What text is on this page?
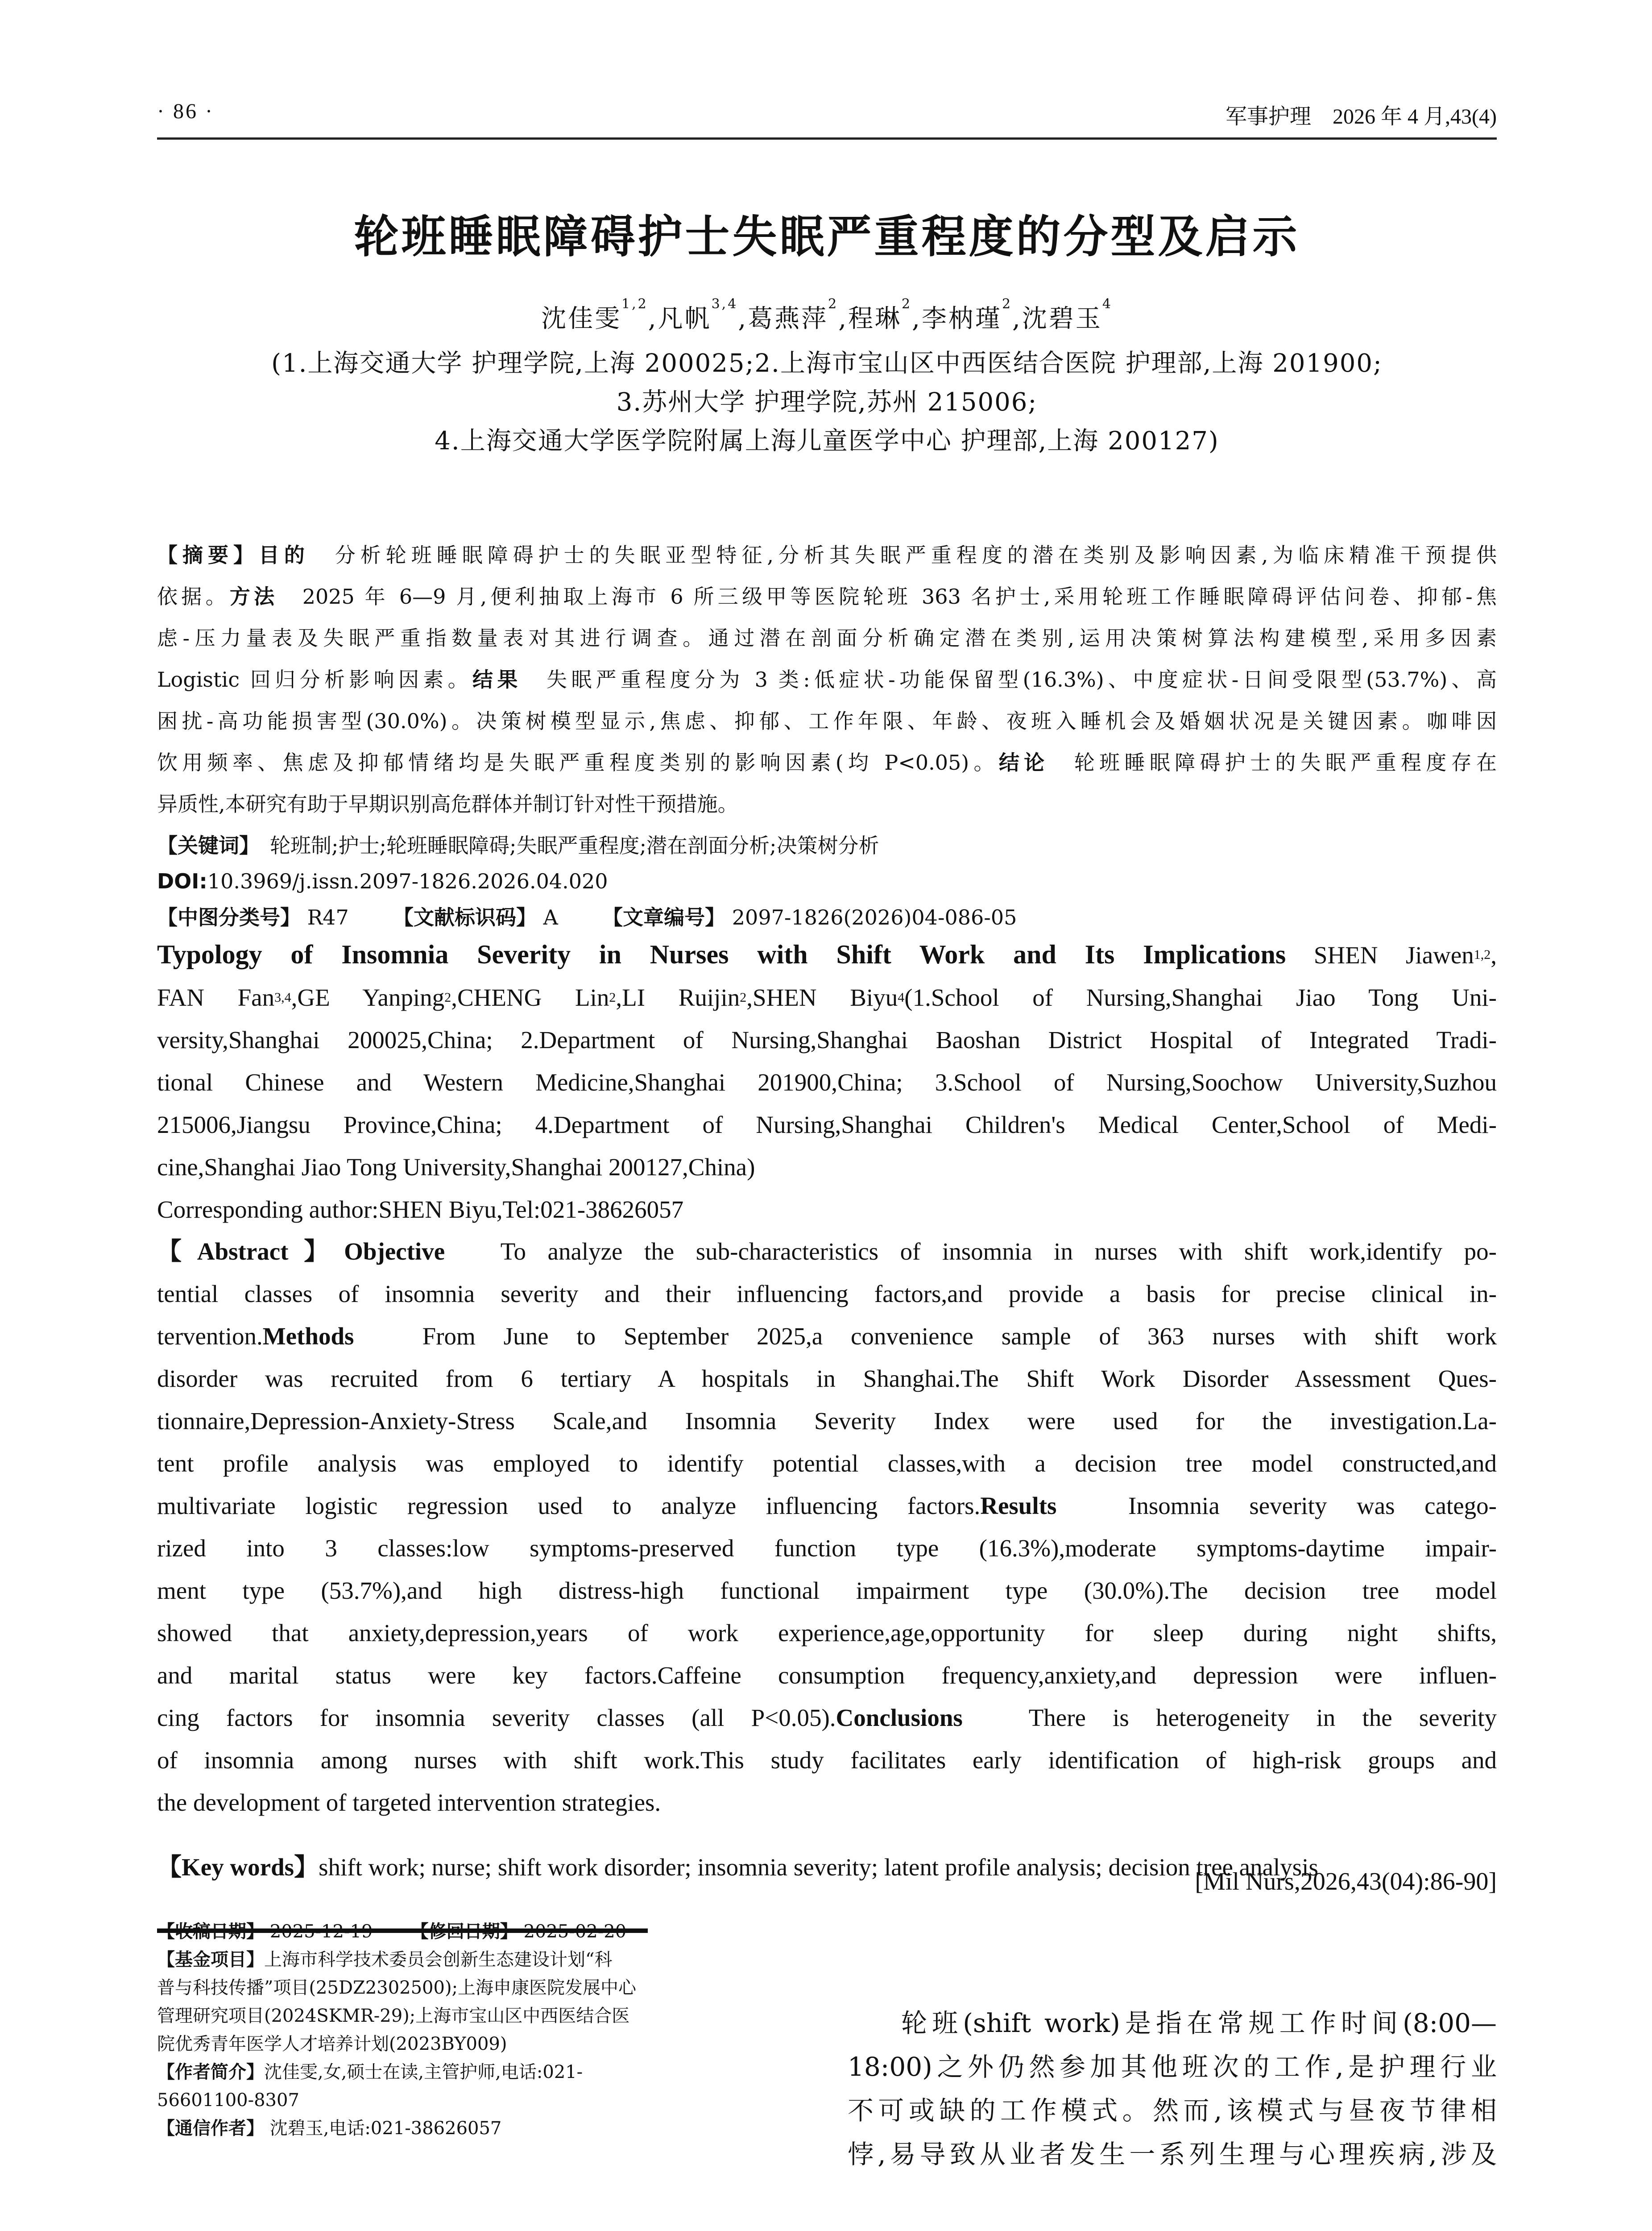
· 86 ·	军事护理　2026 年 4 月,43(4)
轮班睡眠障碍护士失眠严重程度的分型及启示
沈佳雯$^{1,2}$,凡帆$^{3,4}$,葛燕萍$^2$,程琳$^2$,李枘瑾$^2$,沈碧玉$^4$
(1.上海交通大学 护理学院,上海 200025;2.上海市宝山区中西医结合医院 护理部,上海 201900;
3.苏州大学 护理学院,苏州 215006;
4.上海交通大学医学院附属上海儿童医学中心 护理部,上海 200127)
【摘要】目的　分析轮班睡眠障碍护士的失眠亚型特征,分析其失眠严重程度的潜在类别及影响因素,为临床精准干预提供
依据。方法　2025 年 6—9 月,便利抽取上海市 6 所三级甲等医院轮班 363 名护士,采用轮班工作睡眠障碍评估问卷、抑郁-焦
虑-压力量表及失眠严重指数量表对其进行调查。通过潜在剖面分析确定潜在类别,运用决策树算法构建模型,采用多因素
Logistic 回归分析影响因素。结果　失眠严重程度分为 3 类:低症状-功能保留型(16.3%)、中度症状-日间受限型(53.7%)、高
困扰-高功能损害型(30.0%)。决策树模型显示,焦虑、抑郁、工作年限、年龄、夜班入睡机会及婚姻状况是关键因素。咖啡因
饮用频率、焦虑及抑郁情绪均是失眠严重程度类别的影响因素(均 P<0.05)。结论　轮班睡眠障碍护士的失眠严重程度存在
异质性,本研究有助于早期识别高危群体并制订针对性干预措施。
【关键词】　轮班制;护士;轮班睡眠障碍;失眠严重程度;潜在剖面分析;决策树分析
DOI:10.3969/j.issn.2097-1826.2026.04.020
【中图分类号】 R47 【文献标识码】 A 【文章编号】 2097-1826(2026)04-086-05
Typology of Insomnia Severity in Nurses with Shift Work and Its Implications SHEN Jiawen$^{1,2}$,
FAN Fan$^{3,4}$,GE Yanping$^2$,CHENG Lin$^2$,LI Ruijin$^2$,SHEN Biyu$^4$(1.School of Nursing,Shanghai Jiao Tong Uni-
versity,Shanghai 200025,China; 2.Department of Nursing,Shanghai Baoshan District Hospital of Integrated Tradi-
tional Chinese and Western Medicine,Shanghai 201900,China; 3.School of Nursing,Soochow University,Suzhou
215006,Jiangsu Province,China; 4.Department of Nursing,Shanghai Children's Medical Center,School of Medi-
cine,Shanghai Jiao Tong University,Shanghai 200127,China)
Corresponding author:SHEN Biyu,Tel:021-38626057
【Abstract】Objective　To analyze the sub-characteristics of insomnia in nurses with shift work,identify po-
tential classes of insomnia severity and their influencing factors,and provide a basis for precise clinical in-
tervention.Methods　From June to September 2025,a convenience sample of 363 nurses with shift work
disorder was recruited from 6 tertiary A hospitals in Shanghai.The Shift Work Disorder Assessment Ques-
tionnaire,Depression-Anxiety-Stress Scale,and Insomnia Severity Index were used for the investigation.La-
tent profile analysis was employed to identify potential classes,with a decision tree model constructed,and
multivariate logistic regression used to analyze influencing factors.Results　Insomnia severity was catego-
rized into 3 classes:low symptoms-preserved function type (16.3%),moderate symptoms-daytime impair-
ment type (53.7%),and high distress-high functional impairment type (30.0%).The decision tree model
showed that anxiety,depression,years of work experience,age,opportunity for sleep during night shifts,
and marital status were key factors.Caffeine consumption frequency,anxiety,and depression were influen-
cing factors for insomnia severity classes (all P<0.05).Conclusions　There is heterogeneity in the severity
of insomnia among nurses with shift work.This study facilitates early identification of high-risk groups and
the development of targeted intervention strategies.
【Key words】shift work; nurse; shift work disorder; insomnia severity; latent profile analysis; decision tree analysis
[Mil Nurs,2026,43(04):86-90]
【收稿日期】 2025-12-19 【修回日期】 2025-02-20
【基金项目】上海市科学技术委员会创新生态建设计划“科
普与科技传播”项目(25DZ2302500);上海申康医院发展中心
管理研究项目(2024SKMR-29);上海市宝山区中西医结合医
院优秀青年医学人才培养计划(2023BY009)
【作者简介】沈佳雯,女,硕士在读,主管护师,电话:021-
56601100-8307
【通信作者】 沈碧玉,电话:021-38626057
轮班(shift work)是指在常规工作时间(8:00—
18:00)之外仍然参加其他班次的工作,是护理行业
不可或缺的工作模式。然而,该模式与昼夜节律相
悖,易导致从业者发生一系列生理与心理疾病,涉及
